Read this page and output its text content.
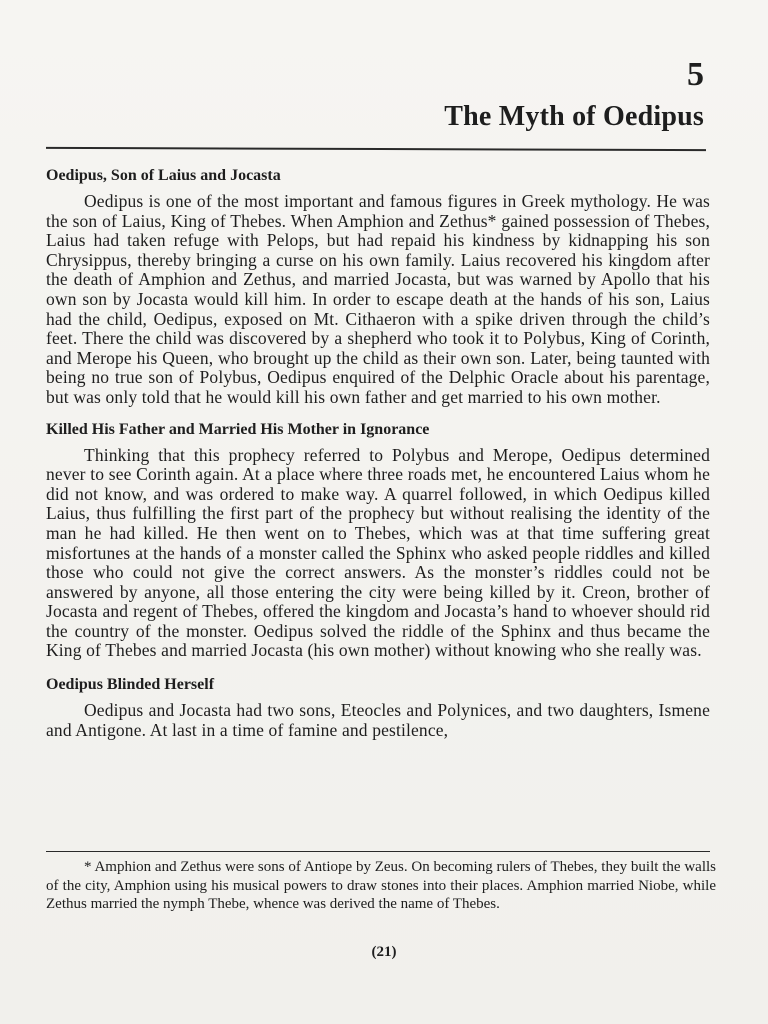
5
The Myth of Oedipus
Oedipus, Son of Laius and Jocasta

Oedipus is one of the most important and famous figures in Greek mythology. He was the son of Laius, King of Thebes. When Amphion and Zethus* gained possession of Thebes, Laius had taken refuge with Pelops, but had repaid his kindness by kidnapping his son Chrysippus, thereby bringing a curse on his own family. Laius recovered his kingdom after the death of Amphion and Zethus, and married Jocasta, but was warned by Apollo that his own son by Jocasta would kill him. In order to escape death at the hands of his son, Laius had the child, Oedipus, exposed on Mt. Cithaeron with a spike driven through the child’s feet. There the child was discovered by a shepherd who took it to Polybus, King of Corinth, and Merope his Queen, who brought up the child as their own son. Later, being taunted with being no true son of Polybus, Oedipus enquired of the Delphic Oracle about his parentage, but was only told that he would kill his own father and get married to his own mother.

Killed His Father and Married His Mother in Ignorance

Thinking that this prophecy referred to Polybus and Merope, Oedipus determined never to see Corinth again. At a place where three roads met, he encountered Laius whom he did not know, and was ordered to make way. A quarrel followed, in which Oedipus killed Laius, thus fulfilling the first part of the prophecy but without realising the identity of the man he had killed. He then went on to Thebes, which was at that time suffering great misfortunes at the hands of a monster called the Sphinx who asked people riddles and killed those who could not give the correct answers. As the monster’s riddles could not be answered by anyone, all those entering the city were being killed by it. Creon, brother of Jocasta and regent of Thebes, offered the kingdom and Jocasta’s hand to whoever should rid the country of the monster. Oedipus solved the riddle of the Sphinx and thus became the King of Thebes and married Jocasta (his own mother) without knowing who she really was.

Oedipus Blinded Herself

Oedipus and Jocasta had two sons, Eteocles and Polynices, and two daughters, Ismene and Antigone. At last in a time of famine and pestilence,

* Amphion and Zethus were sons of Antiope by Zeus. On becoming rulers of Thebes, they built the walls of the city, Amphion using his musical powers to draw stones into their places. Amphion married Niobe, while Zethus married the nymph Thebe, whence was derived the name of Thebes.

(21)
